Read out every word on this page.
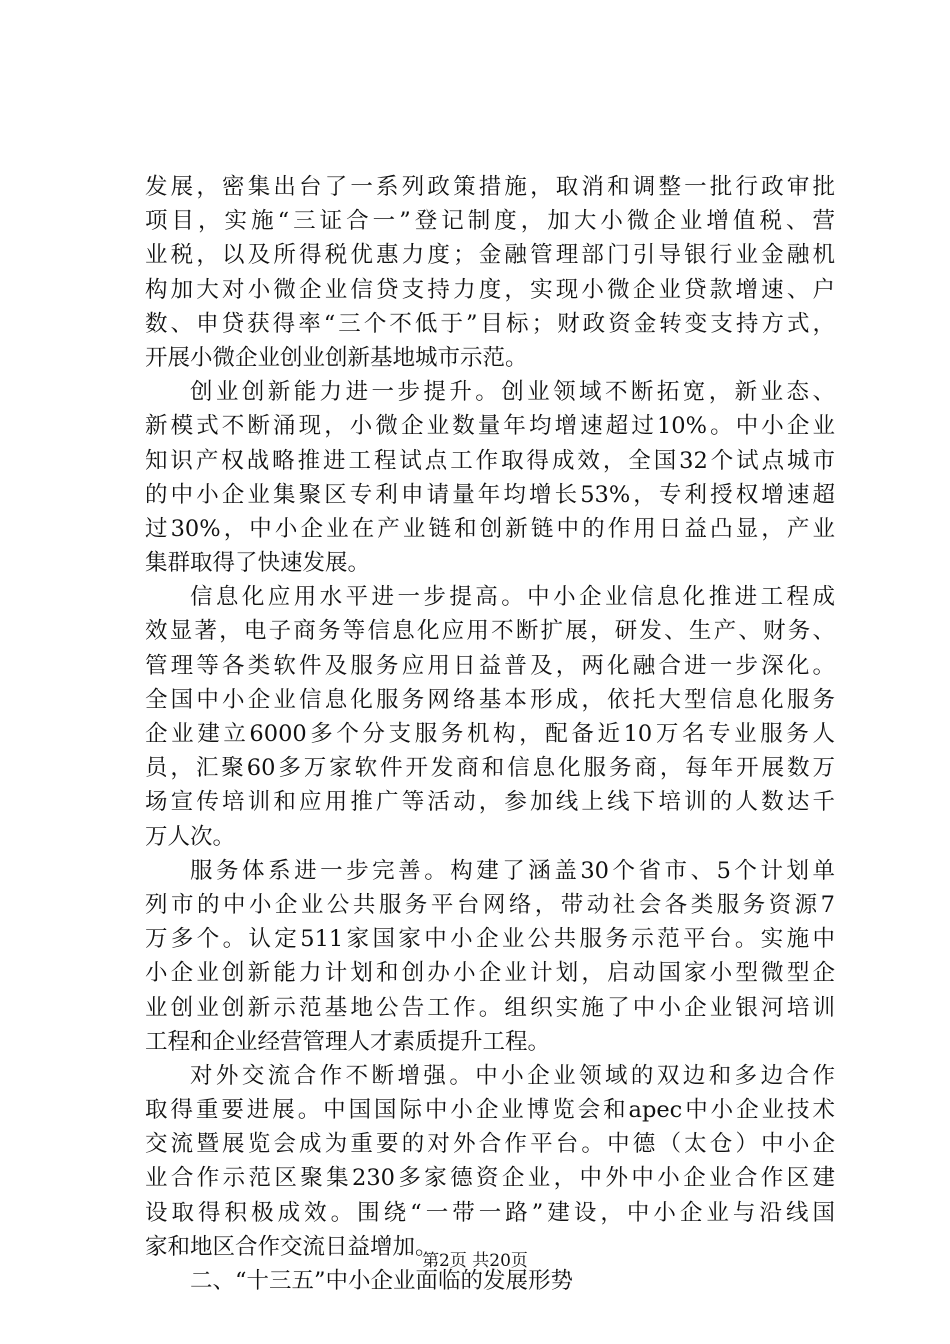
发展，密集出台了一系列政策措施，取消和调整一批行政审批
项目，实施“三证合一”登记制度，加大小微企业增值税、营
业税，以及所得税优惠力度；金融管理部门引导银行业金融机
构加大对小微企业信贷支持力度，实现小微企业贷款增速、户
数、申贷获得率“三个不低于”目标；财政资金转变支持方式，
开展小微企业创业创新基地城市示范。
创业创新能力进一步提升。创业领域不断拓宽，新业态、
新模式不断涌现，小微企业数量年均增速超过10%。中小企业
知识产权战略推进工程试点工作取得成效，全国32个试点城市
的中小企业集聚区专利申请量年均增长53%，专利授权增速超
过30%，中小企业在产业链和创新链中的作用日益凸显，产业
集群取得了快速发展。
信息化应用水平进一步提高。中小企业信息化推进工程成
效显著，电子商务等信息化应用不断扩展，研发、生产、财务、
管理等各类软件及服务应用日益普及，两化融合进一步深化。
全国中小企业信息化服务网络基本形成，依托大型信息化服务
企业建立6000多个分支服务机构，配备近10万名专业服务人
员，汇聚60多万家软件开发商和信息化服务商，每年开展数万
场宣传培训和应用推广等活动，参加线上线下培训的人数达千
万人次。
服务体系进一步完善。构建了涵盖30个省市、5个计划单
列市的中小企业公共服务平台网络，带动社会各类服务资源7
万多个。认定511家国家中小企业公共服务示范平台。实施中
小企业创新能力计划和创办小企业计划，启动国家小型微型企
业创业创新示范基地公告工作。组织实施了中小企业银河培训
工程和企业经营管理人才素质提升工程。
对外交流合作不断增强。中小企业领域的双边和多边合作
取得重要进展。中国国际中小企业博览会和apec中小企业技术
交流暨展览会成为重要的对外合作平台。中德（太仓）中小企
业合作示范区聚集230多家德资企业，中外中小企业合作区建
设取得积极成效。围绕“一带一路”建设，中小企业与沿线国
家和地区合作交流日益增加。
二、“十三五”中小企业面临的发展形势
第2页 共20页
